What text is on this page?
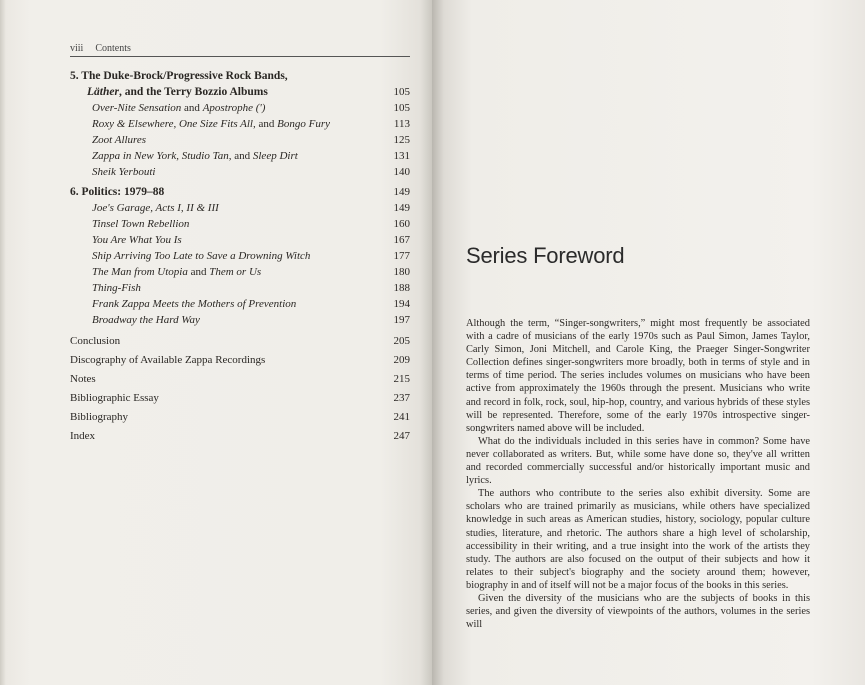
viii Contents
5. The Duke-Brock/Progressive Rock Bands,
Läther, and the Terry Bozzio Albums	105
Over-Nite Sensation and Apostrophe (')	105
Roxy & Elsewhere, One Size Fits All, and Bongo Fury	113
Zoot Allures	125
Zappa in New York, Studio Tan, and Sleep Dirt	131
Sheik Yerbouti	140
6. Politics: 1979–88	149
Joe's Garage, Acts I, II & III	149
Tinsel Town Rebellion	160
You Are What You Is	167
Ship Arriving Too Late to Save a Drowning Witch	177
The Man from Utopia and Them or Us	180
Thing-Fish	188
Frank Zappa Meets the Mothers of Prevention	194
Broadway the Hard Way	197
Conclusion	205
Discography of Available Zappa Recordings	209
Notes	215
Bibliographic Essay	237
Bibliography	241
Index	247
Series Foreword

Although the term, “Singer-songwriters,” might most frequently be associated with a cadre of musicians of the early 1970s such as Paul Simon, James Taylor, Carly Simon, Joni Mitchell, and Carole King, the Praeger Singer-Songwriter Collection defines singer-songwriters more broadly, both in terms of style and in terms of time period. The series includes volumes on musicians who have been active from approximately the 1960s through the present. Musicians who write and record in folk, rock, soul, hip-hop, country, and various hybrids of these styles will be represented. Therefore, some of the early 1970s introspective singer-songwriters named above will be included.

What do the individuals included in this series have in common? Some have never collaborated as writers. But, while some have done so, they've all written and recorded commercially successful and/or historically important music and lyrics.

The authors who contribute to the series also exhibit diversity. Some are scholars who are trained primarily as musicians, while others have specialized knowledge in such areas as American studies, history, sociology, popular culture studies, literature, and rhetoric. The authors share a high level of scholarship, accessibility in their writing, and a true insight into the work of the artists they study. The authors are also focused on the output of their subjects and how it relates to their subject's biography and the society around them; however, biography in and of itself will not be a major focus of the books in this series.

Given the diversity of the musicians who are the subjects of books in this series, and given the diversity of viewpoints of the authors, volumes in the series will
